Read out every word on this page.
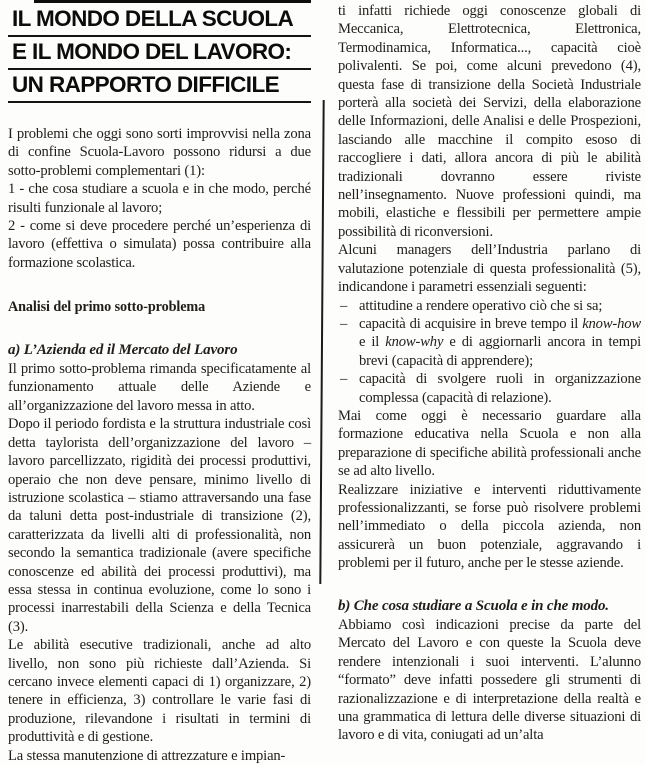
IL MONDO DELLA SCUOLA
E IL MONDO DEL LAVORO:
UN RAPPORTO DIFFICILE

I problemi che oggi sono sorti improvvisi nella zona di confine Scuola-Lavoro possono ridursi a due sotto-problemi complementari (1):

1 - che cosa studiare a scuola e in che modo, perché risulti funzionale al lavoro;

2 - come si deve procedere perché un’esperienza di lavoro (effettiva o simulata) possa contribuire alla formazione scolastica.

Analisi del primo sotto-problema
a) L’Azienda ed il Mercato del Lavoro

Il primo sotto-problema rimanda specificatamente al funzionamento attuale delle Aziende e all’organizzazione del lavoro messa in atto.

Dopo il periodo fordista e la struttura industriale così detta taylorista dell’organizzazione del lavoro – lavoro parcellizzato, rigidità dei processi produttivi, operaio che non deve pensare, minimo livello di istruzione scolastica – stiamo attraversando una fase da taluni detta post-industriale di transizione (2), caratterizzata da livelli alti di professionalità, non secondo la semantica tradizionale (avere specifiche conoscenze ed abilità dei processi produttivi), ma essa stessa in continua evoluzione, come lo sono i processi inarrestabili della Scienza e della Tecnica (3).

Le abilità esecutive tradizionali, anche ad alto livello, non sono più richieste dall’Azienda. Si cercano invece elementi capaci di 1) organizzare, 2) tenere in efficienza, 3) controllare le varie fasi di produzione, rilevandone i risultati in termini di produttività e di gestione.

La stessa manutenzione di attrezzature e impian-

ti infatti richiede oggi conoscenze globali di Meccanica, Elettrotecnica, Elettronica, Termodinamica, Informatica..., capacità cioè polivalenti. Se poi, come alcuni prevedono (4), questa fase di transizione della Società Industriale porterà alla società dei Servizi, della elaborazione delle Informazioni, delle Analisi e delle Prospezioni, lasciando alle macchine il compito esoso di raccogliere i dati, allora ancora di più le abilità tradizionali dovranno essere riviste nell’insegnamento. Nuove professioni quindi, ma mobili, elastiche e flessibili per permettere ampie possibilità di riconversioni.

Alcuni managers dell’Industria parlano di valutazione potenziale di questa professionalità (5), indicandone i parametri essenziali seguenti:

– attitudine a rendere operativo ciò che si sa;
– capacità di acquisire in breve tempo il know-how e il know-why e di aggiornarli ancora in tempi brevi (capacità di apprendere);
– capacità di svolgere ruoli in organizzazione complessa (capacità di relazione).

Mai come oggi è necessario guardare alla formazione educativa nella Scuola e non alla preparazione di specifiche abilità professionali anche se ad alto livello.

Realizzare iniziative e interventi riduttivamente professionalizzanti, se forse può risolvere problemi nell’immediato o della piccola azienda, non assicurerà un buon potenziale, aggravando i problemi per il futuro, anche per le stesse aziende.

b) Che cosa studiare a Scuola e in che modo.

Abbiamo così indicazioni precise da parte del Mercato del Lavoro e con queste la Scuola deve rendere intenzionali i suoi interventi. L’alunno “formato” deve infatti possedere gli strumenti di razionalizzazione e di interpretazione della realtà e una grammatica di lettura delle diverse situazioni di lavoro e di vita, coniugati ad un’alta
